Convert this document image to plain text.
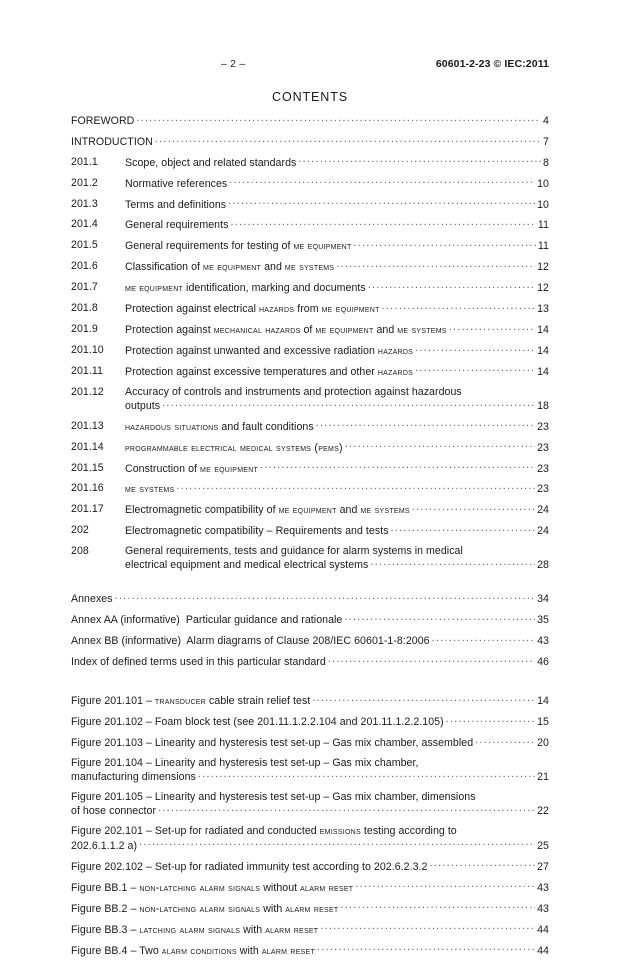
– 2 –	60601-2-23 © IEC:2011
CONTENTS
FOREWORD .....	4
INTRODUCTION .....	7
201.1	Scope, object and related standards .....	8
201.2	Normative references .....	10
201.3	Terms and definitions .....	10
201.4	General requirements .....	11
201.5	General requirements for testing of me equipment .....	11
201.6	Classification of me equipment and me systems .....	12
201.7	me equipment identification, marking and documents .....	12
201.8	Protection against electrical hazards from me equipment .....	13
201.9	Protection against mechanical hazards of me equipment and me systems .....	14
201.10	Protection against unwanted and excessive radiation hazards .....	14
201.11	Protection against excessive temperatures and other hazards .....	14
201.12	Accuracy of controls and instruments and protection against hazardous
outputs .....	18
201.13	hazardous situations and fault conditions .....	23
201.14	programmable electrical medical systems (pems) .....	23
201.15	Construction of me equipment .....	23
201.16	me systems .....	23
201.17	Electromagnetic compatibility of me equipment and me systems .....	24
202	Electromagnetic compatibility – Requirements and tests .....	24
208	General requirements, tests and guidance for alarm systems in medical
electrical equipment and medical electrical systems .....	28
Annexes .....	34
Annex AA (informative)  Particular guidance and rationale .....	35
Annex BB (informative)  Alarm diagrams of Clause 208/IEC 60601-1-8:2006 .....	43
Index of defined terms used in this particular standard .....	46
Figure 201.101 – transducer cable strain relief test .....	14
Figure 201.102 – Foam block test (see 201.11.1.2.2.104 and 201.11.1.2.2.105) .....	15
Figure 201.103 – Linearity and hysteresis test set-up – Gas mix chamber, assembled .....	20
Figure 201.104 – Linearity and hysteresis test set-up – Gas mix chamber,
manufacturing dimensions .....	21
Figure 201.105 – Linearity and hysteresis test set-up – Gas mix chamber, dimensions
of hose connector .....	22
Figure 202.101 – Set-up for radiated and conducted emissions testing according to
202.6.1.1.2 a) .....	25
Figure 202.102 – Set-up for radiated immunity test according to 202.6.2.3.2 .....	27
Figure BB.1 – non-latching alarm signals without alarm reset .....	43
Figure BB.2 – non-latching alarm signals with alarm reset .....	43
Figure BB.3 – latching alarm signals with alarm reset .....	44
Figure BB.4 – Two alarm conditions with alarm reset .....	44
